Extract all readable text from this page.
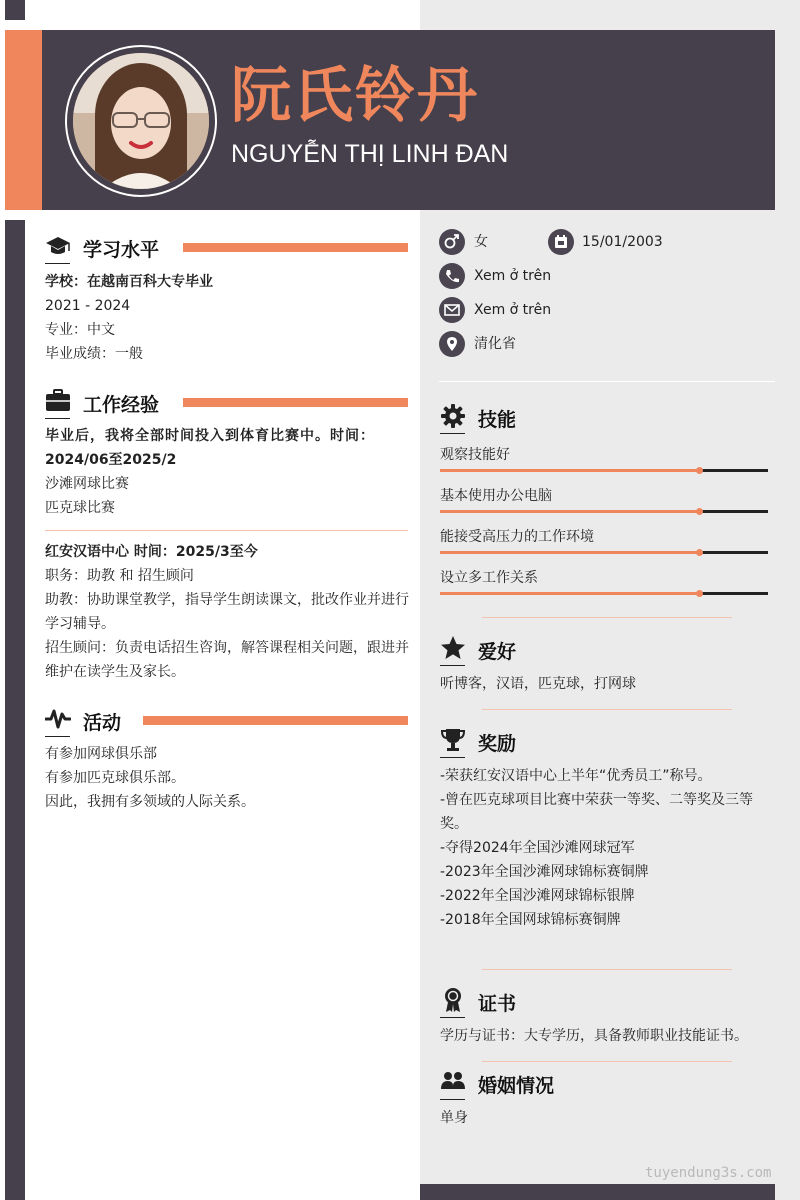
阮氏铃丹
NGUYỄN THỊ LINH ĐAN
学习水平
学校：在越南百科大专毕业
2021 - 2024
专业：中文
毕业成绩：一般
工作经验
毕业后，我将全部时间投入到体育比赛中。时间：
2024/06至2025/2
沙滩网球比赛
匹克球比赛
红安汉语中心 时间：2025/3至今
职务：助教 和 招生顾问
助教：协助课堂教学，指导学生朗读课文，批改作业并进行学习辅导。
招生顾问：负责电话招生咨询，解答课程相关问题，跟进并维护在读学生及家长。
活动
有参加网球俱乐部
有参加匹克球俱乐部。
因此，我拥有多领域的人际关系。
女	15/01/2003
Xem ở trên
Xem ở trên
清化省
技能
观察技能好
基本使用办公电脑
能接受高压力的工作环境
设立多工作关系
爱好
听博客，汉语，匹克球，打网球
奖励
-荣获红安汉语中心上半年“优秀员工”称号。
-曾在匹克球项目比赛中荣获一等奖、二等奖及三等奖。
-夺得2024年全国沙滩网球冠军
-2023年全国沙滩网球锦标赛铜牌
-2022年全国沙滩网球锦标银牌
-2018年全国网球锦标赛铜牌
证书
学历与证书：大专学历，具备教师职业技能证书。
婚姻情况
单身
tuyendung3s.com
